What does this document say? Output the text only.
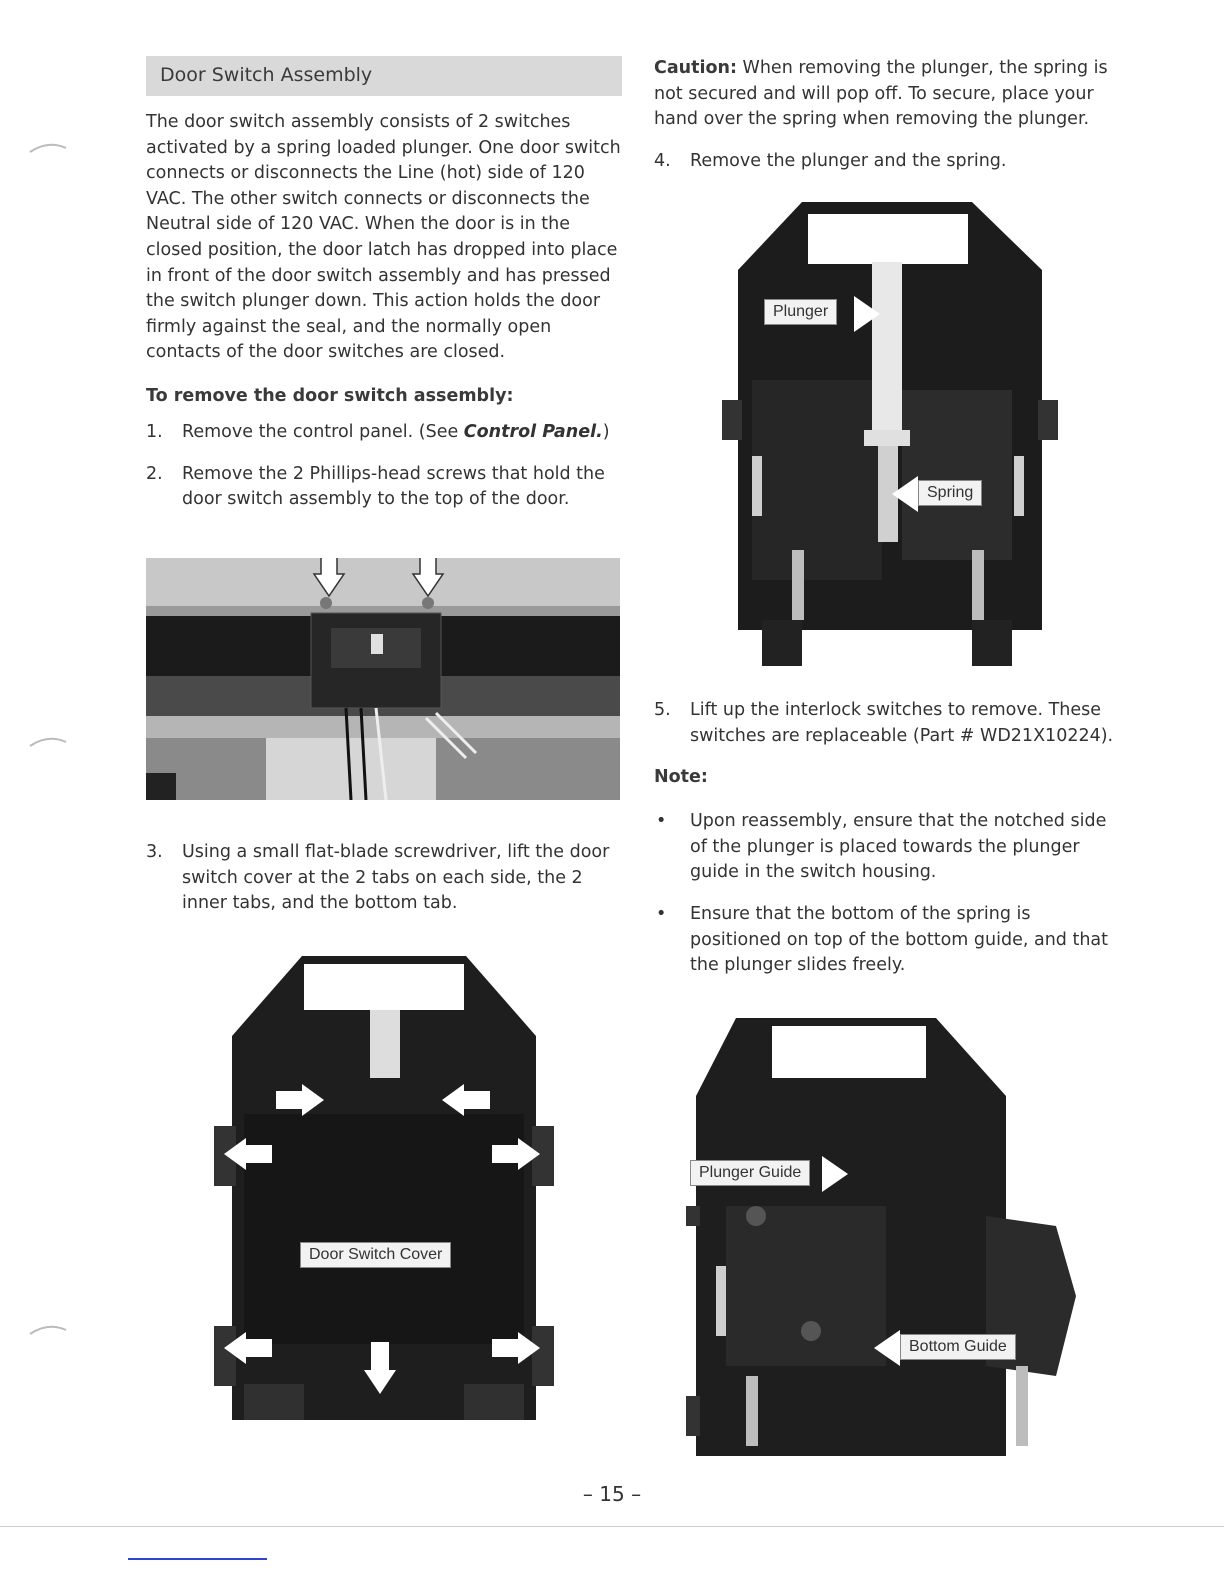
Door Switch Assembly

The door switch assembly consists of 2 switches activated by a spring loaded plunger. One door switch connects or disconnects the Line (hot) side of 120 VAC. The other switch connects or disconnects the Neutral side of 120 VAC. When the door is in the closed position, the door latch has dropped into place in front of the door switch assembly and has pressed the switch plunger down. This action holds the door firmly against the seal, and the normally open contacts of the door switches are closed.

To remove the door switch assembly:
1.	Remove the control panel. (See Control Panel.)
2.	Remove the 2 Phillips-head screws that hold the door switch assembly to the top of the door.
3.	Using a small flat-blade screwdriver, lift the door switch cover at the 2 tabs on each side, the 2 inner tabs, and the bottom tab.
Door Switch Cover

Caution: When removing the plunger, the spring is not secured and will pop off. To secure, place your hand over the spring when removing the plunger.

4.	Remove the plunger and the spring.
Plunger
Spring
5.	Lift up the interlock switches to remove. These switches are replaceable (Part # WD21X10224).
Note:
•	Upon reassembly, ensure that the notched side of the plunger is placed towards the plunger guide in the switch housing.
•	Ensure that the bottom of the spring is positioned on top of the bottom guide, and that the plunger slides freely.
Plunger Guide
Bottom Guide
– 15 –
